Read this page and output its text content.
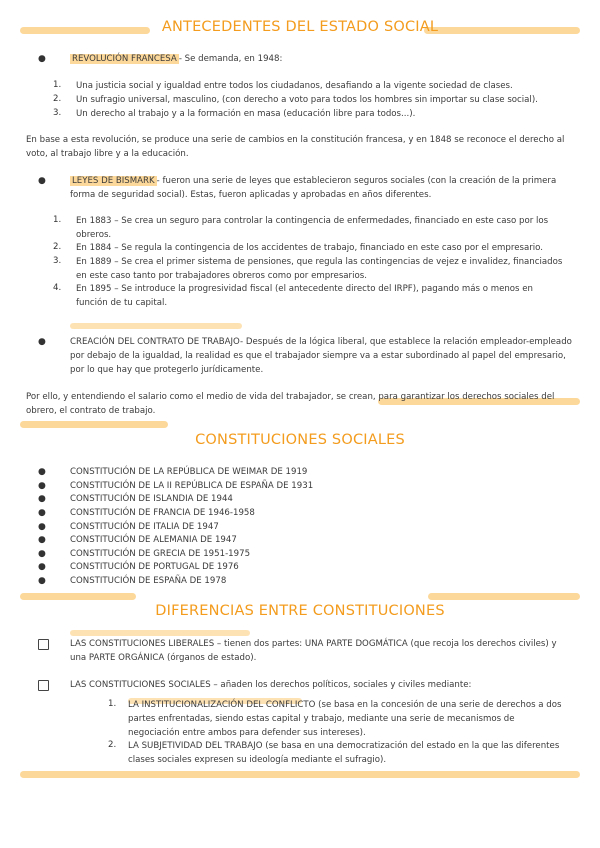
ANTECEDENTES DEL ESTADO SOCIAL
●	REVOLUCIÓN FRANCESA - Se demanda, en 1948:
1. Una justicia social y igualdad entre todos los ciudadanos, desafiando a la vigente sociedad de clases.
2. Un sufragio universal, masculino, (con derecho a voto para todos los hombres sin importar su clase social).
3. Un derecho al trabajo y a la formación en masa (educación libre para todos...).
En base a esta revolución, se produce una serie de cambios en la constitución francesa, y en 1848 se reconoce el derecho al
voto, al trabajo libre y a la educación.
●	LEYES DE BISMARK - fueron una serie de leyes que establecieron seguros sociales (con la creación de la primera
forma de seguridad social). Estas, fueron aplicadas y aprobadas en años diferentes.
1. En 1883 – Se crea un seguro para controlar la contingencia de enfermedades, financiado en este caso por los
obreros.
2. En 1884 – Se regula la contingencia de los accidentes de trabajo, financiado en este caso por el empresario.
3. En 1889 – Se crea el primer sistema de pensiones, que regula las contingencias de vejez e invalidez, financiados
en este caso tanto por trabajadores obreros como por empresarios.
4. En 1895 – Se introduce la progresividad fiscal (el antecedente directo del IRPF), pagando más o menos en
función de tu capital.
●	CREACIÓN DEL CONTRATO DE TRABAJO- Después de la lógica liberal, que establece la relación empleador-empleado
por debajo de la igualdad, la realidad es que el trabajador siempre va a estar subordinado al papel del empresario,
por lo que hay que protegerlo jurídicamente.
Por ello, y entendiendo el salario como el medio de vida del trabajador, se crean, para garantizar los derechos sociales del
obrero, el contrato de trabajo.
CONSTITUCIONES SOCIALES
●	CONSTITUCIÓN DE LA REPÚBLICA DE WEIMAR DE 1919
●	CONSTITUCIÓN DE LA II REPÚBLICA DE ESPAÑA DE 1931
●	CONSTITUCIÓN DE ISLANDIA DE 1944
●	CONSTITUCIÓN DE FRANCIA DE 1946-1958
●	CONSTITUCIÓN DE ITALIA DE 1947
●	CONSTITUCIÓN DE ALEMANIA DE 1947
●	CONSTITUCIÓN DE GRECIA DE 1951-1975
●	CONSTITUCIÓN DE PORTUGAL DE 1976
●	CONSTITUCIÓN DE ESPAÑA DE 1978
DIFERENCIAS ENTRE CONSTITUCIONES
LAS CONSTITUCIONES LIBERALES – tienen dos partes: UNA PARTE DOGMÁTICA (que recoja los derechos civiles) y
una PARTE ORGÁNICA (órganos de estado).
LAS CONSTITUCIONES SOCIALES – añaden los derechos políticos, sociales y civiles mediante:
1. LA INSTITUCIONALIZACIÓN DEL CONFLICTO (se basa en la concesión de una serie de derechos a dos
partes enfrentadas, siendo estas capital y trabajo, mediante una serie de mecanismos de
negociación entre ambos para defender sus intereses).
2. LA SUBJETIVIDAD DEL TRABAJO (se basa en una democratización del estado en la que las diferentes
clases sociales expresen su ideología mediante el sufragio).
